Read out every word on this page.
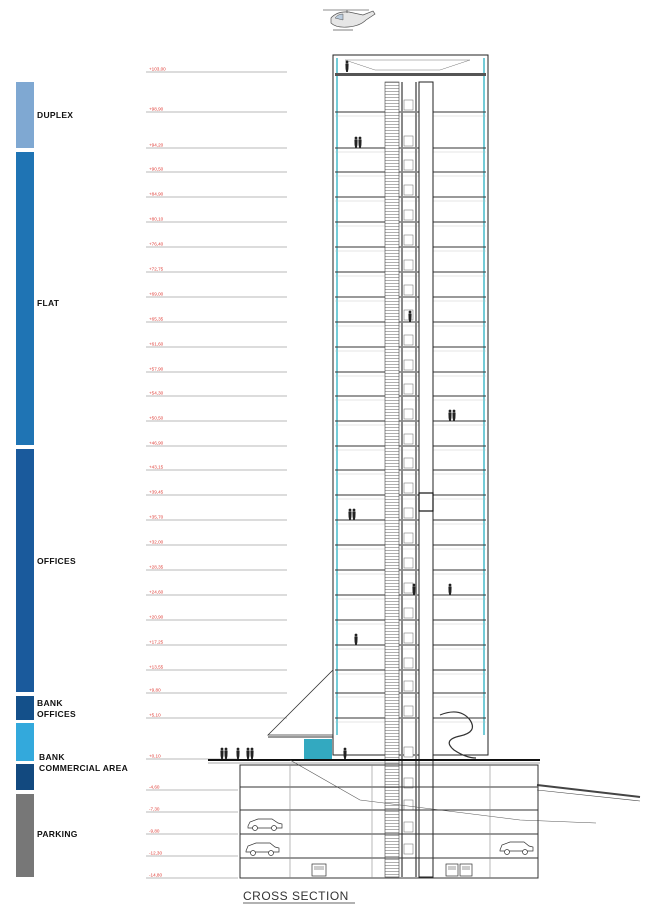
DUPLEX
FLAT
OFFICES
BANK OFFICES
BANK COMMERCIAL AREA
PARKING
+103,00
+98,90
+94,20
+90,50
+84,90
+80,10
+76,40
+72,75
+69,00
+65,35
+61,60
+57,90
+54,30
+50,50
+46,90
+43,15
+39,45
+35,70
+32,00
+28,35
+24,60
+20,90
+17,25
+13,55
+9,80
+5,10
+0,10
-4,60
-7,30
-9,80
-12,30
-14,80
CROSS SECTION
